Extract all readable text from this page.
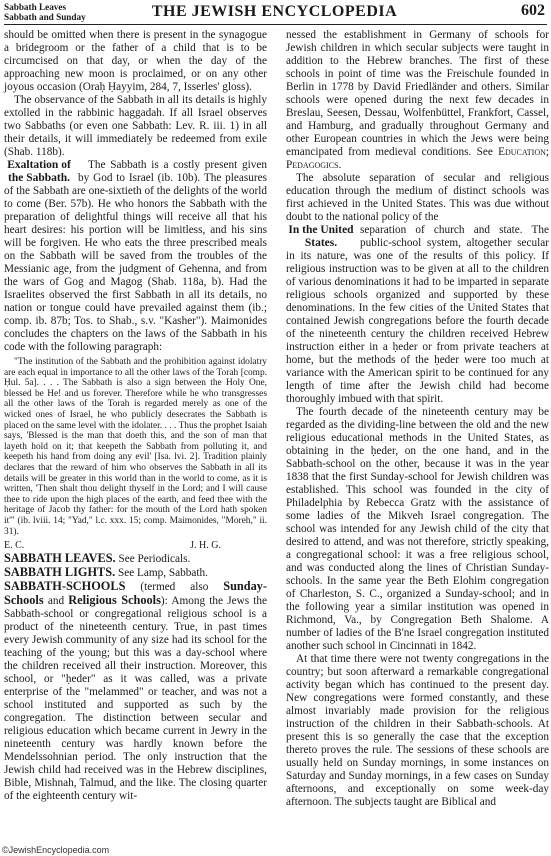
Sabbath Leaves
Sabbath and Sunday	THE JEWISH ENCYCLOPEDIA	602

should be omitted when there is present in the synagogue a bridegroom or the father of a child that is to be circumcised on that day, or when the day of the approaching new moon is proclaimed, or on any other joyous occasion (Oraḥ Ḥayyim, 284, 7, Isserles' gloss).

The observance of the Sabbath in all its details is highly extolled in the rabbinic haggadah. If all Israel observes two Sabbaths (or even one Sabbath: Lev. R. iii. 1) in all their details, it will immediately be redeemed from exile (Shab. 118b).

Exaltation of the Sabbath.

The Sabbath is a costly present given by God to Israel (ib. 10b). The pleasures of the Sabbath are one-sixtieth of the delights of the world to come (Ber. 57b). He who honors the Sabbath with the preparation of delightful things will receive all that his heart desires: his portion will be limitless, and his sins will be forgiven. He who eats the three prescribed meals on the Sabbath will be saved from the troubles of the Messianic age, from the judgment of Gehenna, and from the wars of Gog and Magog (Shab. 118a, b). Had the Israelites observed the first Sabbath in all its details, no nation or tongue could have prevailed against them (ib.; comp. ib. 87b; Tos. to Shab., s.v. "Kasher"). Maimonides concludes the chapters on the laws of the Sabbath in his code with the following paragraph:

"The institution of the Sabbath and the prohibition against idolatry are each equal in importance to all the other laws of the Torah [comp. Ḥul. 5a]. . . . The Sabbath is also a sign between the Holy One, blessed be He! and us forever. Therefore while he who transgresses all the other laws of the Torah is regarded merely as one of the wicked ones of Israel, he who publicly desecrates the Sabbath is placed on the same level with the idolater. . . . Thus the prophet Isaiah says, 'Blessed is the man that doeth this, and the son of man that layeth hold on it; that keepeth the Sabbath from polluting it, and keepeth his hand from doing any evil' [Isa. lvi. 2]. Tradition plainly declares that the reward of him who observes the Sabbath in all its details will be greater in this world than in the world to come, as it is written, 'Then shalt thou delight thyself in the Lord; and I will cause thee to ride upon the high places of the earth, and feed thee with the heritage of Jacob thy father: for the mouth of the Lord hath spoken it'" (ib. lviii. 14; "Yad," l.c. xxx. 15; comp. Maimonides, "Moreh," ii. 31).
E. C.	J. H. G.

SABBATH LEAVES. See Periodicals.

SABBATH LIGHTS. See Lamp, Sabbath.

SABBATH-SCHOOLS (termed also Sunday-Schools and Religious Schools): Among the Jews the Sabbath-school or congregational religious school is a product of the nineteenth century. True, in past times every Jewish community of any size had its school for the teaching of the young; but this was a day-school where the children received all their instruction. Moreover, this school, or "ḥeder" as it was called, was a private enterprise of the "melammed" or teacher, and was not a school instituted and supported as such by the congregation. The distinction between secular and religious education which became current in Jewry in the nineteenth century was hardly known before the Mendelssohnian period. The only instruction that the Jewish child had received was in the Hebrew disciplines, Bible, Mishnah, Talmud, and the like. The closing quarter of the eighteenth century wit-

nessed the establishment in Germany of schools for Jewish children in which secular subjects were taught in addition to the Hebrew branches. The first of these schools in point of time was the Freischule founded in Berlin in 1778 by David Friedländer and others. Similar schools were opened during the next few decades in Breslau, Seesen, Dessau, Wolfenbüttel, Frankfort, Cassel, and Hamburg, and gradually throughout Germany and other European countries in which the Jews were being emancipated from medieval conditions. See Education; Pedagogics.

The absolute separation of secular and religious education through the medium of distinct schools was first achieved in the United States. This was due without doubt to the national policy of the

In the United States.

separation of church and state. The public-school system, altogether secular in its nature, was one of the results of this policy. If religious instruction was to be given at all to the children of various denominations it had to be imparted in separate religious schools organized and supported by these denominations. In the few cities of the United States that contained Jewish congregations before the fourth decade of the nineteenth century the children received Hebrew instruction either in a ḥeder or from private teachers at home, but the methods of the ḥeder were too much at variance with the American spirit to be continued for any length of time after the Jewish child had become thoroughly imbued with that spirit.

The fourth decade of the nineteenth century may be regarded as the dividing-line between the old and the new religious educational methods in the United States, as obtaining in the ḥeder, on the one hand, and in the Sabbath-school on the other, because it was in the year 1838 that the first Sunday-school for Jewish children was established. This school was founded in the city of Philadelphia by Rebecca Gratz with the assistance of some ladies of the Mikveh Israel congregation. The school was intended for any Jewish child of the city that desired to attend, and was not therefore, strictly speaking, a congregational school: it was a free religious school, and was conducted along the lines of Christian Sunday-schools. In the same year the Beth Elohim congregation of Charleston, S. C., organized a Sunday-school; and in the following year a similar institution was opened in Richmond, Va., by Congregation Beth Shalome. A number of ladies of the B'ne Israel congregation instituted another such school in Cincinnati in 1842.

At that time there were not twenty congregations in the country; but soon afterward a remarkable congregational activity began which has continued to the present day. New congregations were formed constantly, and these almost invariably made provision for the religious instruction of the children in their Sabbath-schools. At present this is so generally the case that the exception thereto proves the rule. The sessions of these schools are usually held on Sunday mornings, in some instances on Saturday and Sunday mornings, in a few cases on Sunday afternoons, and exceptionally on some week-day afternoon. The subjects taught are Biblical and

©JewishEncyclopedia.com
